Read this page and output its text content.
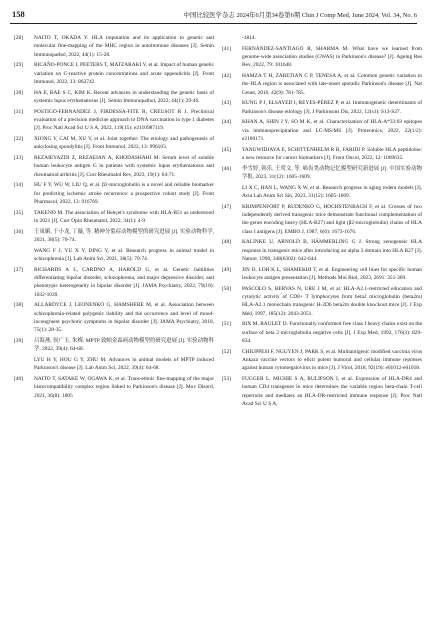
158	中国比较医学杂志 2024年6月第34卷第6期 Chin J Comp Med, June 2024, Vol. 34, No. 6
[28] NAITO T, OKADA Y. HLA imputation and its application to genetic and molecular fine-mapping of the MHC region in autoimmune diseases [J]. Semin Immunopathol, 2022, 44(1): 15-28.
[29] RICAÑO-PONCE I, PEETERS T, MATZARAKI V, et al. Impact of human genetic variation on C-reactive protein concentrations and acute appendicitis [J]. Front Immunol, 2022, 13: 862742.
[30] HA E, BAE S C, KIM K. Recent advances in understanding the genetic basis of systemic lupus erythematosus [J]. Semin Immunopathol, 2022, 44(1): 29-46.
[31] POSTIGO-FERNANDEZ J, FIRDESSA-FITE R, CREUSOT R J. Preclinical evaluation of a precision medicine approach to DNA vaccination in type 1 diabetes [J]. Proc Natl Acad Sci U S A, 2022, 119(15): e2110987119.
[32] XIONG Y, CAI M, XU Y, et al. Joint together: The etiology and pathogenesis of ankylosing spondylitis [J]. Front Immunol, 2022, 13: 996103.
[33] REZAIEYAZDI Z, REZAEIAN A, KHODASHAHI M. Serum level of soluble human leukocyte antigen G in patients with systemic lupus erythematosus and rheumatoid arthritis [J]. Curr Rheumatol Rev, 2023, 19(1): 64-71.
[34] HU F Y, WU W, LIU Q, et al. β2-microglobulin is a novel and reliable biomarker for predicting ischemic stroke recurrence: a prospective cohort study [J]. Front Pharmacol, 2022, 13: 916769.
[35] TAKENO M. The association of Behçet's syndrome with HLA-B51 as understood in 2021 [J]. Curr Opin Rheumatol, 2022, 34(1): 4-9.
[36] 王岚媚, 于小龙, 丁璇, 等. 精神分裂症动物模型的研究进展 [J]. 实验动物科学, 2021, 38(5): 70-74.
WANG F J, YU X Y, DING Y, et al. Research progress in animal model in schizophrenia [J]. Lab Anim Sci, 2021, 38(5): 70-74.
[37] RICHARDS A L, CARDNO A, HAROLD G, et al. Genetic liabilities differentiating bipolar disorder, schizophrenia, and major depressive disorder, and phenotypic heterogeneity in bipolar disorder [J]. JAMA Psychiatry, 2022, 79(10): 1032-1039.
[38] ALLARDYCE J, LEONENKO G, HAMSHERE M, et al. Association between schizophrenia-related polygenic liability and the occurrence and level of mood-incongruent psychotic symptoms in bipolar disorder [J]. JAMA Psychiatry, 2018, 75(1): 28-35.
[39] 吕海燕, 侯广玉, 朱梅. MPTP 致帕金森病动物模型的研究进展 [J]. 实验动物科学, 2022, 39(4): 64-68.
LYU H Y, HOU G Y, ZHU M. Advances in animal models of MPTP induced Parkinson's disease [J]. Lab Anim Sci, 2022, 39(4): 64-68.
[40] NAITO T, SATAKE W, OGAWA K, et al. Trans-ethnic fine-mapping of the major histocompatibility complex region linked to Parkinson's disease [J]. Mov Disord, 2021, 36(8): 1805
-1814.
[41] FERNÁNDEZ-SANTIAGO R, SHARMA M. What have we learned from genome-wide association studies (GWAS) in Parkinson's disease? [J]. Ageing Res Rev, 2022, 79: 101648.
[42] HAMZA T H, ZABETIAN C P, TENESA A, et al. Common genetic variation in the HLA region is associated with late-onset sporadic Parkinson's disease [J]. Nat Genet, 2010, 42(9): 781-785.
[43] KUNG P J, ELSAYED I, REYES-PÉREZ P, et al. Immunogenetic determinants of Parkinson's disease etiology [J]. J Parkinsons Dis, 2022, 12(s1): S13-S27.
[44] KHAN A, SHIN J Y, SO M K, et al. Characterization of HLA-A*33:03 epitopes via immunoprecipitation and LC-MS/MS [J]. Proteomics, 2022, 22(1/2): e2100171.
[45] TANUWIDJAYA E, SCHITTENHELM R B, FARIDI P. Soluble HLA peptidome: a new resource for cancer biomarkers [J]. Front Oncol, 2022, 12: 1069635.
[46] 李雪婷, 韩乐, 王莺文, 等. 啮齿类动物记忆模型研究新进展 [J]. 中国实验动物学报, 2023, 31(12): 1605-1609.
LI X C, HAN L, WANG X W, et al. Research progress in aging rodent models [J]. Acta Lab Anim Sci Sin, 2023, 31(12): 1605-1609.
[47] KRIMPENFORT P, RUDENKO G, HOCHSTENBACH F, et al. Crosses of two independently derived transgenic mice demonstrate functional complementation of the genes encoding heavy (HLA-B27) and light (β2-microglobulin) chains of HLA class I antigens [J]. EMBO J, 1987, 6(6): 1673-1676.
[48] KALINKE U, ARNOLD B, HÄMMERLING G J. Strong xenogeneic HLA response in transgenic mice after introducing an alpha 3 domain into HLA B27 [J]. Nature, 1990, 348(6302): 642-644.
[49] JIN D, LOH K L, SHAMEKHI T, et al. Engineering cell lines for specific human leukocyte antigen presentation [J]. Methods Mol Biol, 2023, 2691: 351-369.
[50] PASCOLO S, BERVAS N, URE J M, et al. HLA-A2.1-restricted education and cytolytic activity of CD8+ T lymphocytes from beta2 microglobulin (beta2m) HLA-A2.1 monochain transgenic H-2Db beta2m double knockout mice [J]. J Exp Med, 1997, 185(12): 2043-2051.
[51] BIX M, RAULET D. Functionally conformed free class I heavy chains exist on the surface of beta 2 microglobulin negative cells [J]. J Exp Med, 1992, 176(3): 829-834.
[52] CHIUPPESI F, NGUYEN J, PARK S, et al. Multiantigenic modified vaccinia virus Ankara vaccine vectors to elicit potent humoral and cellular immune reponses against human cytomegalovirus in mice [J]. J Virol, 2018, 92(19): e01012-e01018.
[53] FUGGER L, MICHIE S A, RULIFSON I, et al. Expression of HLA-DR4 and human CD4 transgenes in mice determines the variable region beta-chain T-cell repertoire and mediates an HLA-DR-restricted immune response [J]. Proc Natl Acad Sci U S A,
